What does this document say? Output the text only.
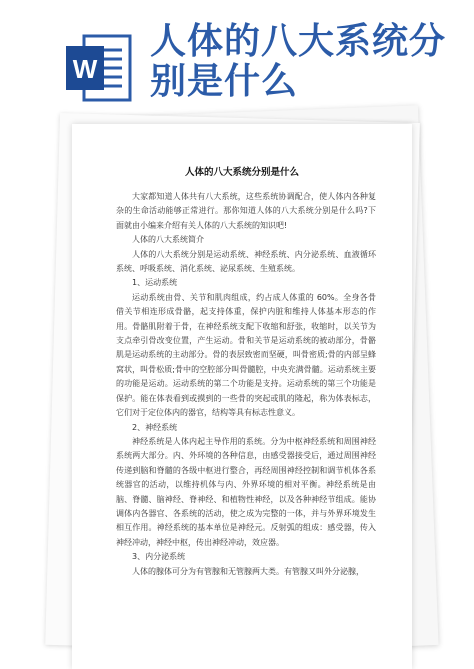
W
人体的八大系统分
别是什么
人体的八大系统分别是什么

大家都知道人体共有八大系统，这些系统协调配合，使人体内各种复杂的生命活动能够正常进行。那你知道人体的八大系统分别是什么吗?下面就由小编来介绍有关人体的八大系统的知识吧!

人体的八大系统简介

人体的八大系统分别是运动系统、神经系统、内分泌系统、血液循环系统、呼吸系统、消化系统、泌尿系统、生殖系统。

1、运动系统

运动系统由骨、关节和肌肉组成，约占成人体重的 60%。全身各骨借关节相连形成骨骼，起支持体重，保护内脏和维持人体基本形态的作用。骨骼肌附着于骨，在神经系统支配下收缩和舒张，收缩时，以关节为支点牵引骨改变位置，产生运动。骨和关节是运动系统的被动部分，骨骼肌是运动系统的主动部分。骨的表层致密而坚硬，叫骨密质;骨的内部呈蜂窝状，叫骨松质;骨中的空腔部分叫骨髓腔，中央充满骨髓。运动系统主要的功能是运动。运动系统的第二个功能是支持。运动系统的第三个功能是保护。能在体表看到或摸到的一些骨的突起或肌的隆起，称为体表标志，它们对于定位体内的器官，结构等具有标志性意义。

2、神经系统

神经系统是人体内起主导作用的系统。分为中枢神经系统和周围神经系统两大部分。内、外环境的各种信息，由感受器接受后，通过周围神经传递到脑和脊髓的各级中枢进行整合，再经周围神经控制和调节机体各系统器官的活动，以维持机体与内、外界环境的相对平衡。神经系统是由脑、脊髓、脑神经、脊神经、和植物性神经，以及各种神经节组成。能协调体内各器官、各系统的活动，使之成为完整的一体，并与外界环境发生相互作用。神经系统的基本单位是神经元。反射弧的组成：感受器，传入神经冲动，神经中枢，传出神经冲动，效应器。

3、内分泌系统

人体的腺体可分为有管腺和无管腺两大类。有管腺又叫外分泌腺，
